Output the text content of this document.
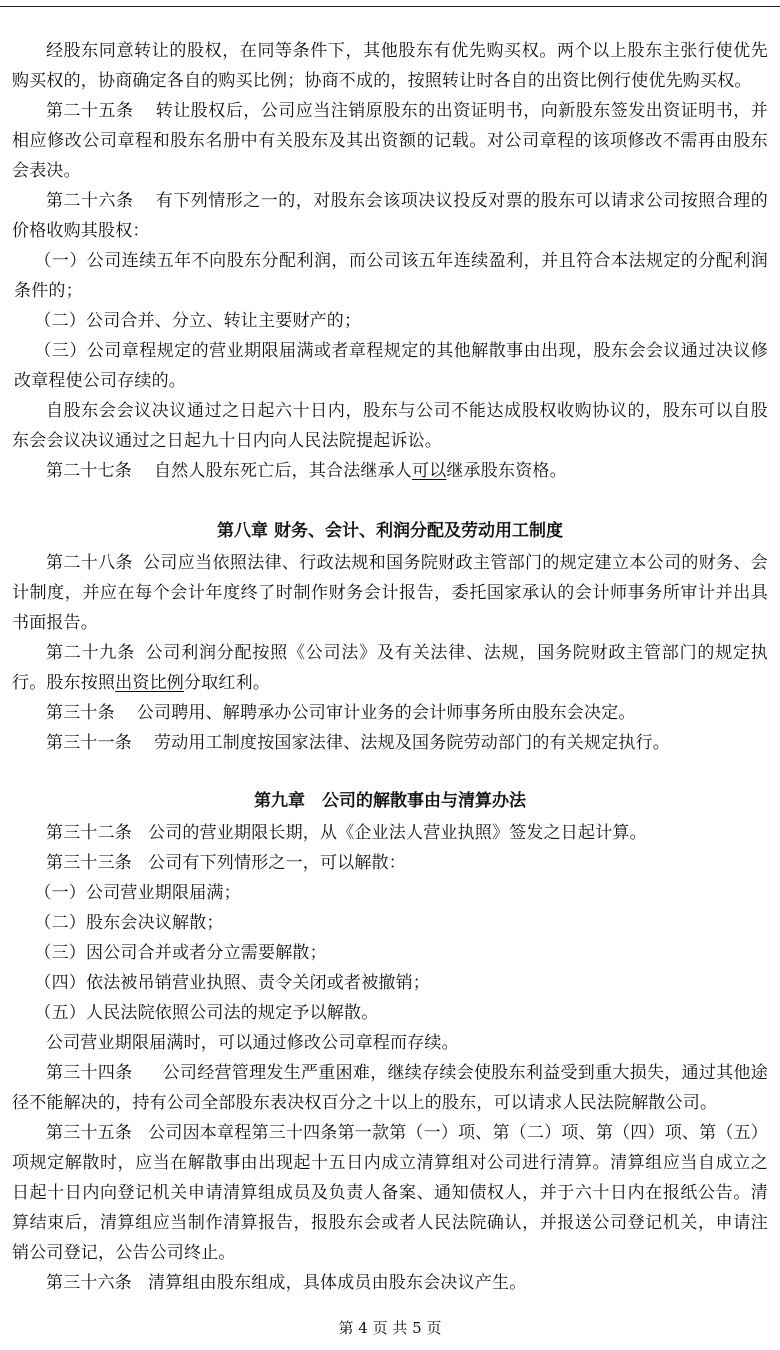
经股东同意转让的股权，在同等条件下，其他股东有优先购买权。两个以上股东主张行使优先购买权的，协商确定各自的购买比例；协商不成的，按照转让时各自的出资比例行使优先购买权。

第二十五条 转让股权后，公司应当注销原股东的出资证明书，向新股东签发出资证明书，并相应修改公司章程和股东名册中有关股东及其出资额的记载。对公司章程的该项修改不需再由股东会表决。

第二十六条 有下列情形之一的，对股东会该项决议投反对票的股东可以请求公司按照合理的价格收购其股权：

（一）公司连续五年不向股东分配利润，而公司该五年连续盈利，并且符合本法规定的分配利润条件的；

（二）公司合并、分立、转让主要财产的；

（三）公司章程规定的营业期限届满或者章程规定的其他解散事由出现，股东会会议通过决议修改章程使公司存续的。

自股东会会议决议通过之日起六十日内，股东与公司不能达成股权收购协议的，股东可以自股东会会议决议通过之日起九十日内向人民法院提起诉讼。

第二十七条 自然人股东死亡后，其合法继承人可以继承股东资格。

第八章 财务、会计、利润分配及劳动用工制度

第二十八条 公司应当依照法律、行政法规和国务院财政主管部门的规定建立本公司的财务、会计制度，并应在每个会计年度终了时制作财务会计报告，委托国家承认的会计师事务所审计并出具书面报告。

第二十九条 公司利润分配按照《公司法》及有关法律、法规，国务院财政主管部门的规定执行。股东按照出资比例分取红利。

第三十条 公司聘用、解聘承办公司审计业务的会计师事务所由股东会决定。

第三十一条 劳动用工制度按国家法律、法规及国务院劳动部门的有关规定执行。

第九章　公司的解散事由与清算办法

第三十二条 公司的营业期限长期，从《企业法人营业执照》签发之日起计算。

第三十三条 公司有下列情形之一，可以解散：

（一）公司营业期限届满；

（二）股东会决议解散；

（三）因公司合并或者分立需要解散；

（四）依法被吊销营业执照、责令关闭或者被撤销；

（五）人民法院依照公司法的规定予以解散。

公司营业期限届满时，可以通过修改公司章程而存续。

第三十四条 公司经营管理发生严重困难，继续存续会使股东利益受到重大损失，通过其他途径不能解决的，持有公司全部股东表决权百分之十以上的股东，可以请求人民法院解散公司。

第三十五条 公司因本章程第三十四条第一款第（一）项、第（二）项、第（四）项、第（五）项规定解散时，应当在解散事由出现起十五日内成立清算组对公司进行清算。清算组应当自成立之日起十日内向登记机关申请清算组成员及负责人备案、通知债权人，并于六十日内在报纸公告。清算结束后，清算组应当制作清算报告，报股东会或者人民法院确认，并报送公司登记机关，申请注销公司登记，公告公司终止。

第三十六条 清算组由股东组成，具体成员由股东会决议产生。

第 4 页 共 5 页
